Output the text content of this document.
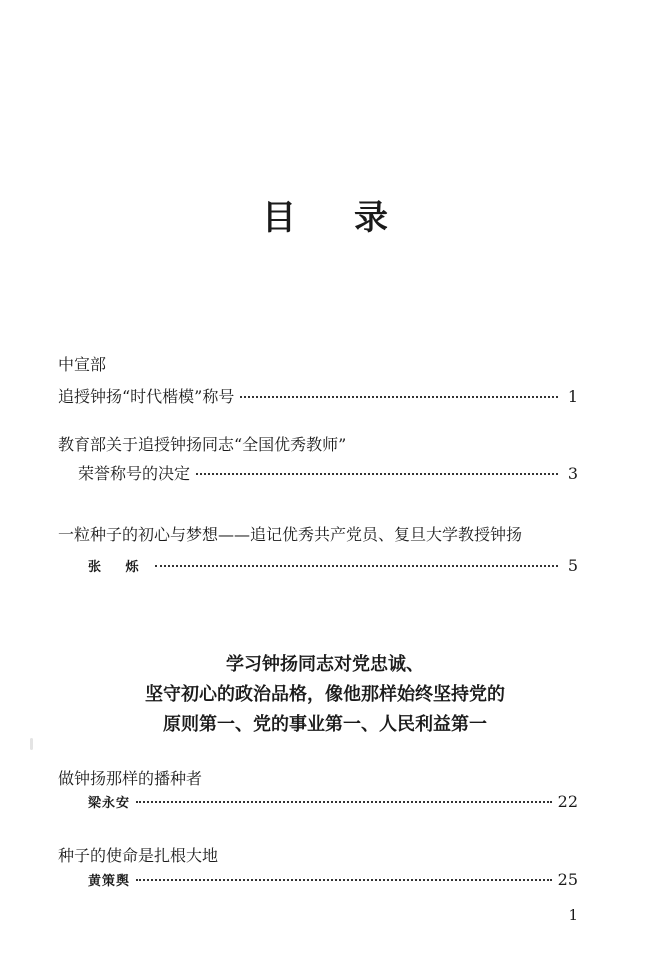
目 录
中宣部
追授钟扬“时代楷模”称号	1
教育部关于追授钟扬同志“全国优秀教师”
荣誉称号的决定	3
一粒种子的初心与梦想——追记优秀共产党员、复旦大学教授钟扬
张 烁	5
学习钟扬同志对党忠诚、
坚守初心的政治品格，像他那样始终坚持党的
原则第一、党的事业第一、人民利益第一
做钟扬那样的播种者
梁永安	22
种子的使命是扎根大地
黄策舆	25
1
